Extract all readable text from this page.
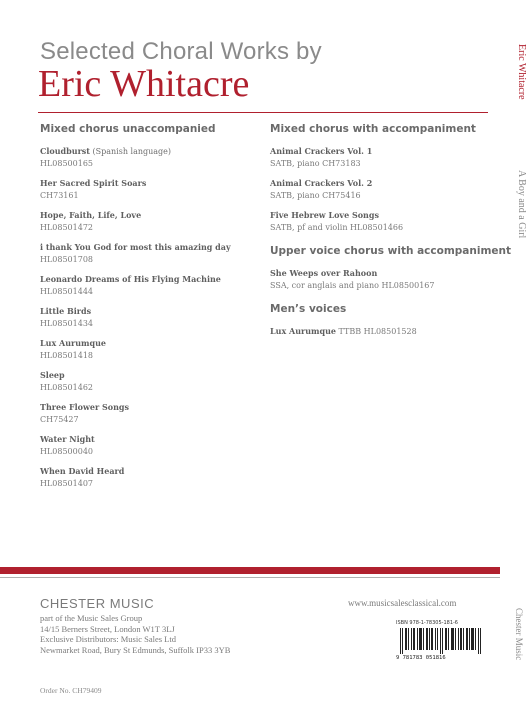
Selected Choral Works by
Eric Whitacre	Eric Whitacre
A Boy and a Girl
Chester Music
Mixed chorus unaccompanied
Cloudburst (Spanish language)
HL08500165
Her Sacred Spirit Soars
CH73161
Hope, Faith, Life, Love
HL08501472
i thank You God for most this amazing day
HL08501708
Leonardo Dreams of His Flying Machine
HL08501444
Little Birds
HL08501434
Lux Aurumque
HL08501418
Sleep
HL08501462
Three Flower Songs
CH75427
Water Night
HL08500040
When David Heard
HL08501407
Mixed chorus with accompaniment
Animal Crackers Vol. 1
SATB, piano CH73183
Animal Crackers Vol. 2
SATB, piano CH75416
Five Hebrew Love Songs
SATB, pf and violin HL08501466
Upper voice chorus with accompaniment
She Weeps over Rahoon
SSA, cor anglais and piano HL08500167
Men’s voices
Lux Aurumque TTBB HL08501528
CHESTER MUSIC
part of the Music Sales Group
14/15 Berners Street, London W1T 3LJ
Exclusive Distributors: Music Sales Ltd
Newmarket Road, Bury St Edmunds, Suffolk IP33 3YB
www.musicsalesclassical.com
ISBN 978-1-78305-181-6
9 781783 051816
Order No. CH79409
